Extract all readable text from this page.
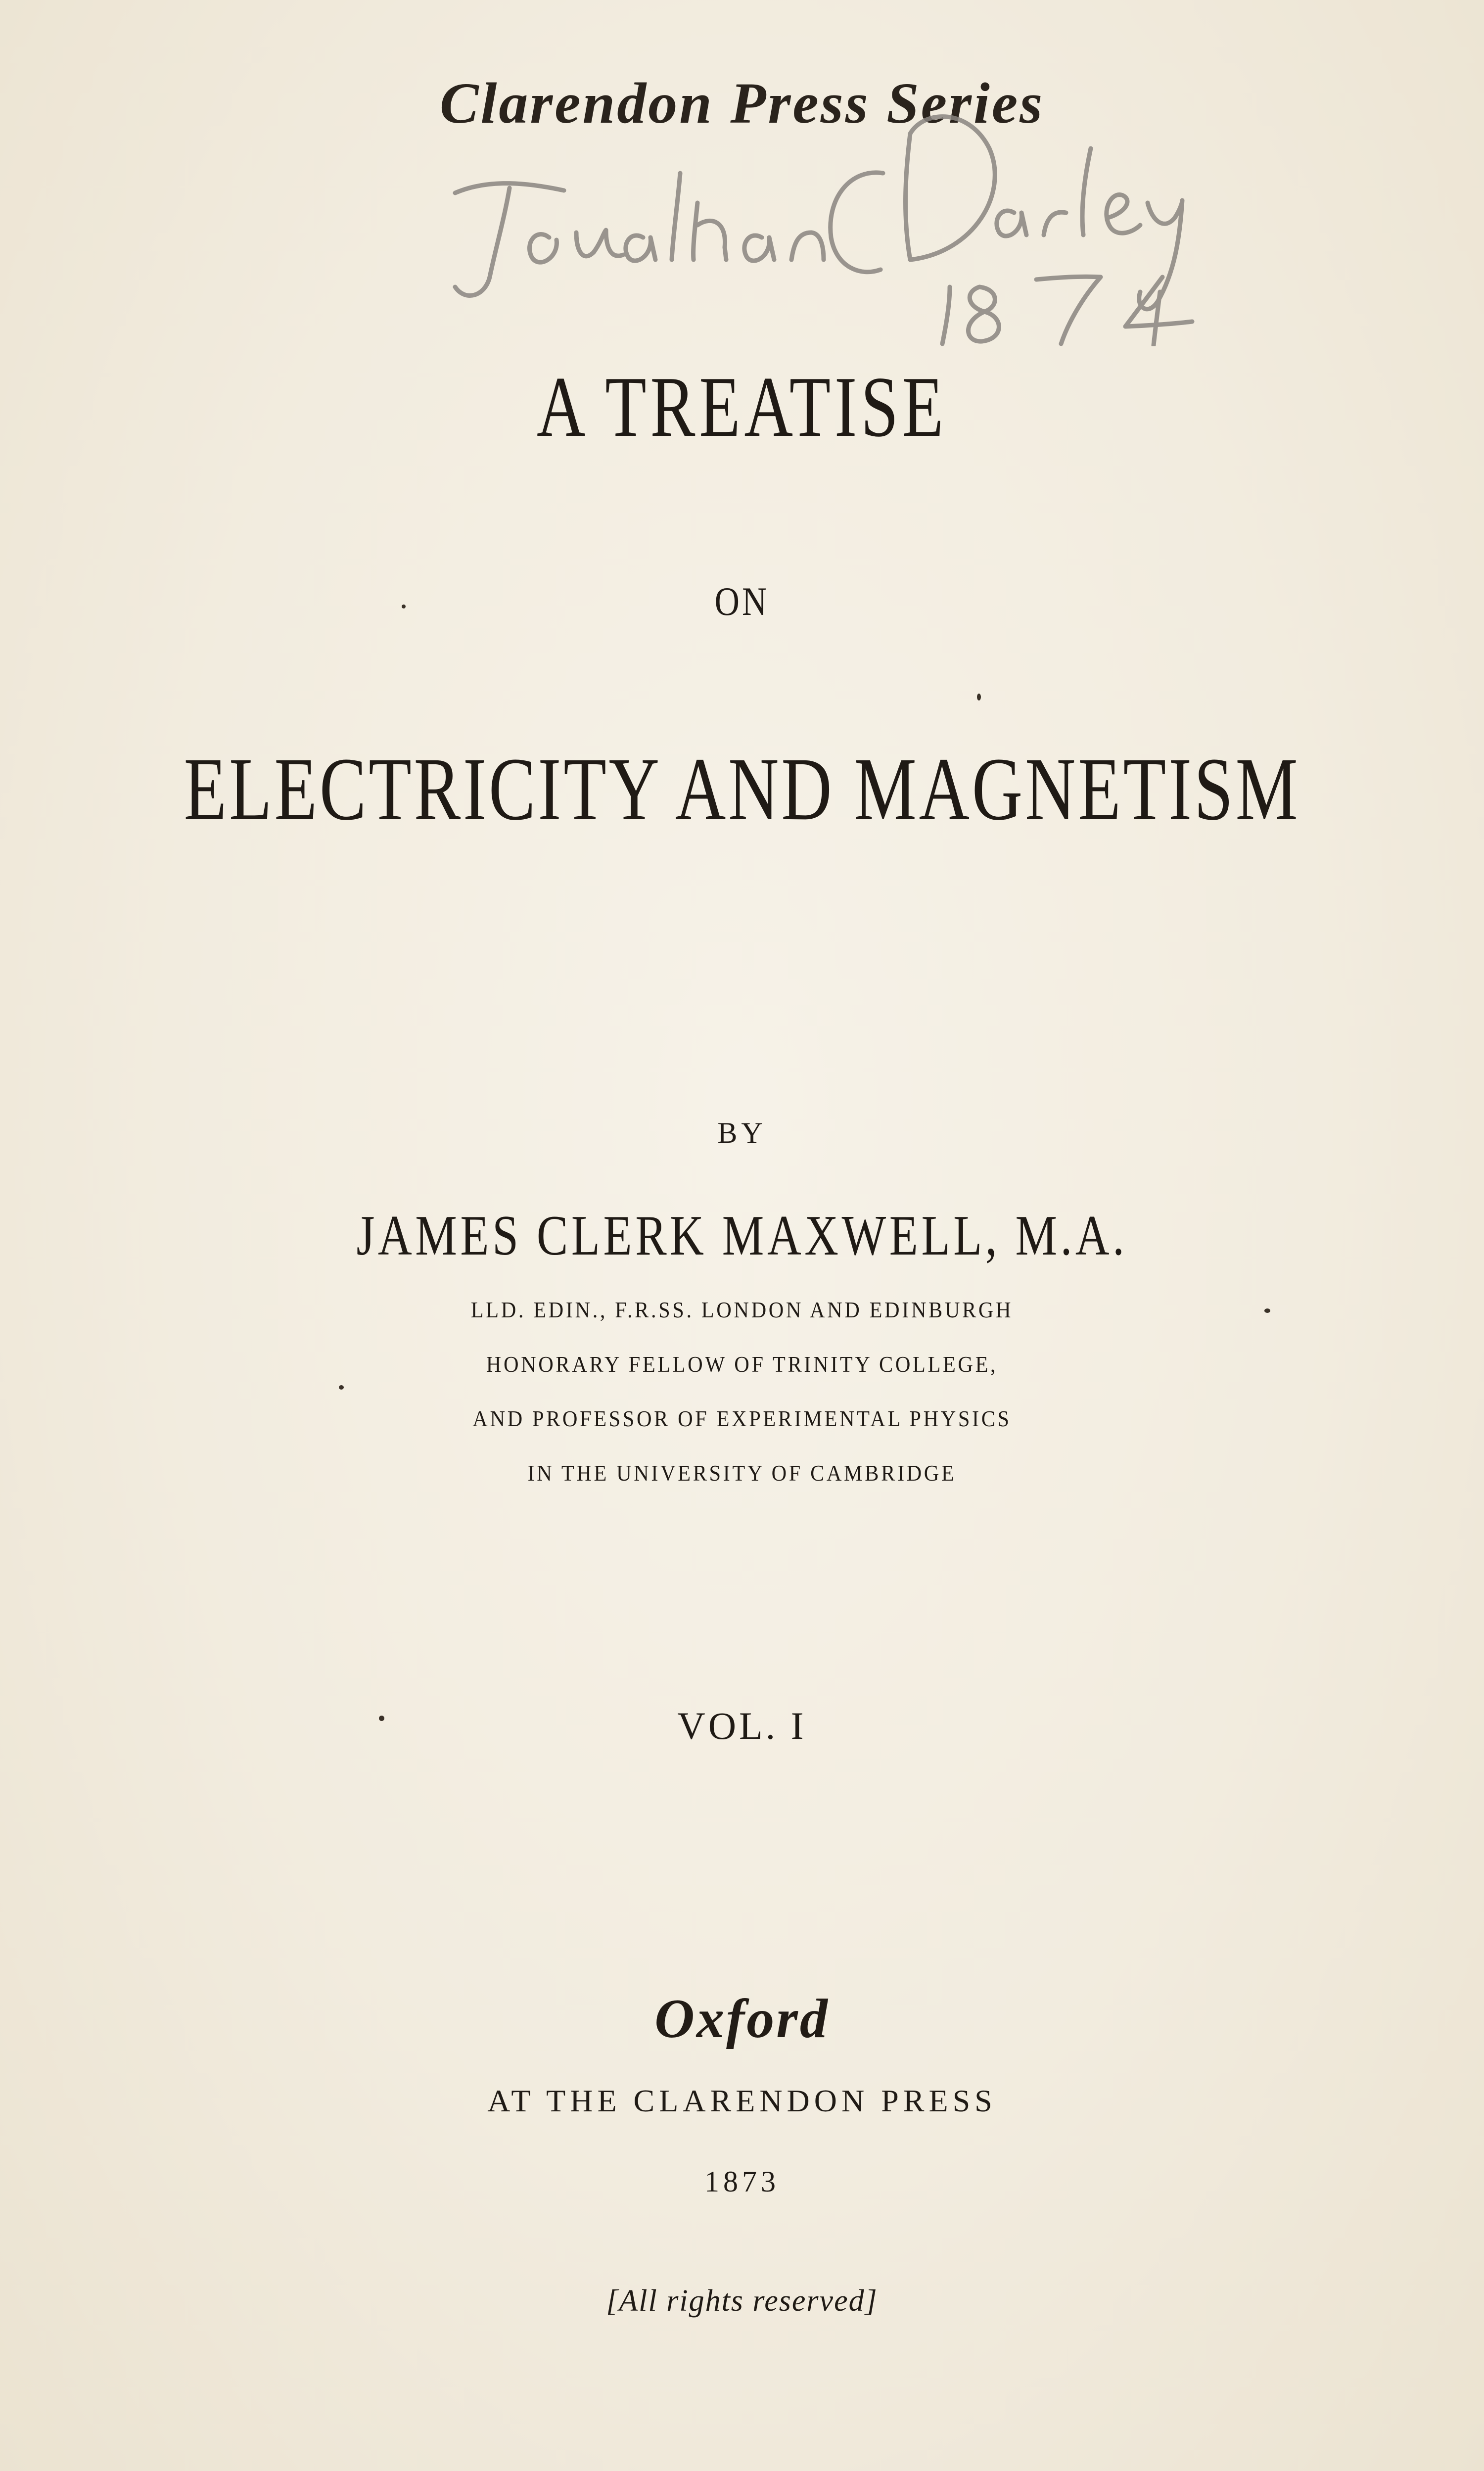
Clarendon Press Series
A TREATISE
ON
ELECTRICITY AND MAGNETISM
BY
JAMES CLERK MAXWELL, M.A.
LLD. EDIN., F.R.SS. LONDON AND EDINBURGH
HONORARY FELLOW OF TRINITY COLLEGE,
AND PROFESSOR OF EXPERIMENTAL PHYSICS
IN THE UNIVERSITY OF CAMBRIDGE
VOL. I
Oxford
AT THE CLARENDON PRESS
1873
[All rights reserved]
